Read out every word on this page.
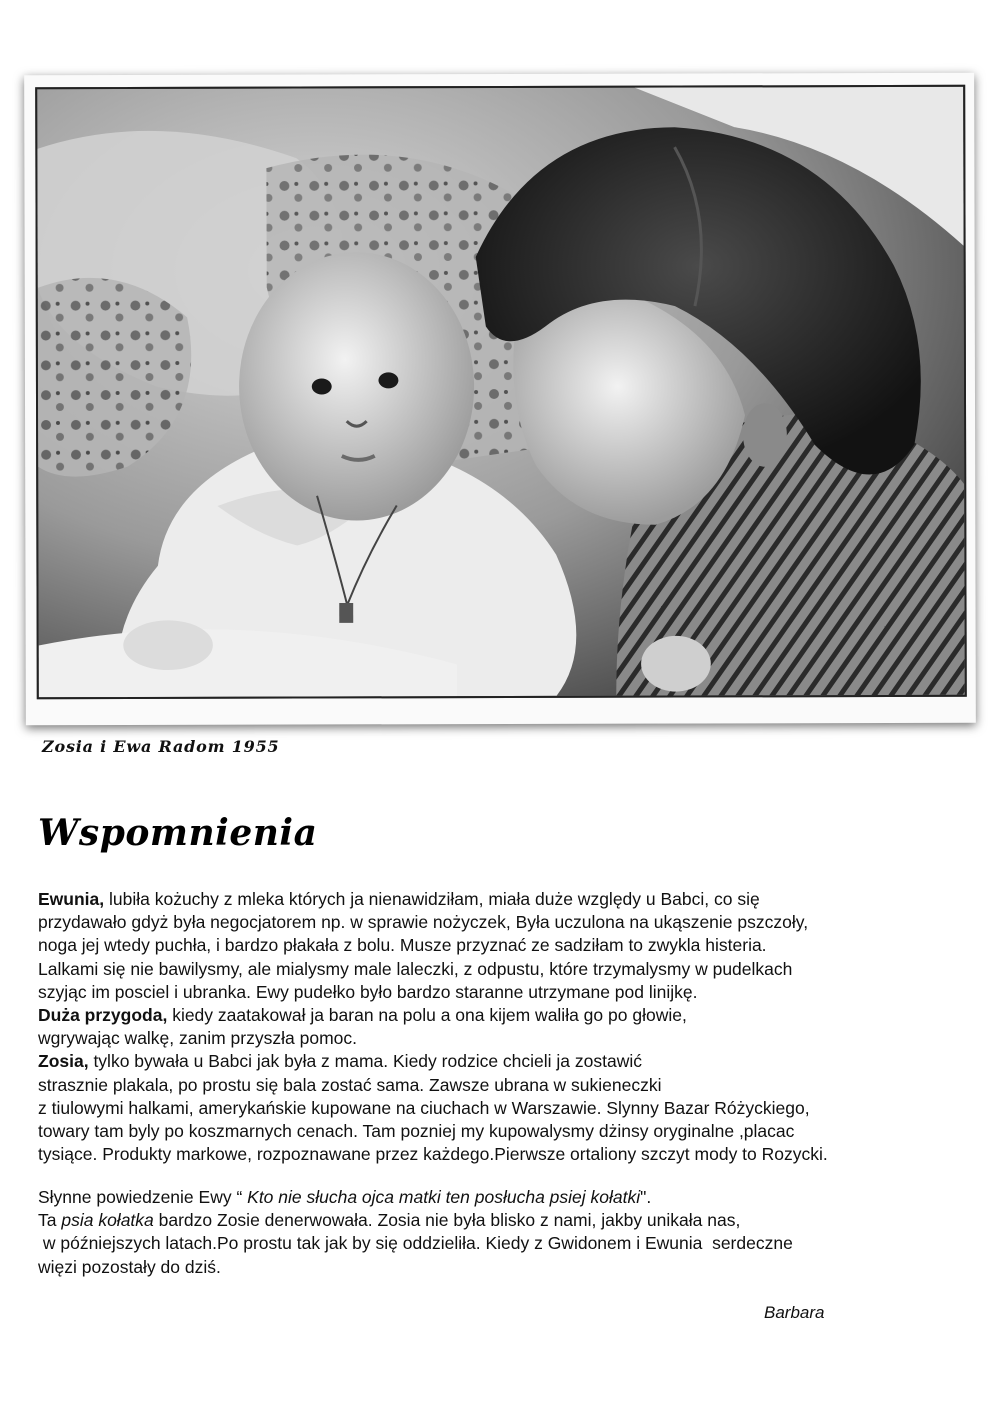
Zosia i Ewa Radom 1955
Wspomnienia

Ewunia, lubiła kożuchy z mleka których ja nienawidziłam, miała duże względy u Babci, co się

przydawało gdyż była negocjatorem np. w sprawie nożyczek, Była uczulona na ukąszenie pszczoły,

noga jej wtedy puchła, i bardzo płakała z bolu. Musze przyznać ze sadziłam to zwykla histeria.

Lalkami się nie bawilysmy, ale mialysmy male laleczki, z odpustu, które trzymalysmy w pudelkach

szyjąc im posciel i ubranka. Ewy pudełko było bardzo staranne utrzymane pod linijkę.

Duża przygoda, kiedy zaatakował ja baran na polu a ona kijem waliła go po głowie,

wgrywając walkę, zanim przyszła pomoc.

Zosia, tylko bywała u Babci jak była z mama. Kiedy rodzice chcieli ja zostawić

strasznie plakala, po prostu się bala zostać sama. Zawsze ubrana w sukieneczki

z tiulowymi halkami, amerykańskie kupowane na ciuchach w Warszawie. Slynny Bazar Różyckiego,

towary tam byly po koszmarnych cenach. Tam pozniej my kupowalysmy dżinsy oryginalne ,placac

tysiące. Produkty markowe, rozpoznawane przez każdego.Pierwsze ortaliony szczyt mody to Rozycki.

Słynne powiedzenie Ewy “ Kto nie słucha ojca matki ten posłucha psiej kołatki".

Ta psia kołatka bardzo Zosie denerwowała. Zosia nie była blisko z nami, jakby unikała nas,

w późniejszych latach.Po prostu tak jak by się oddzieliła. Kiedy z Gwidonem i Ewunia  serdeczne

więzi pozostały do dziś.

Barbara
